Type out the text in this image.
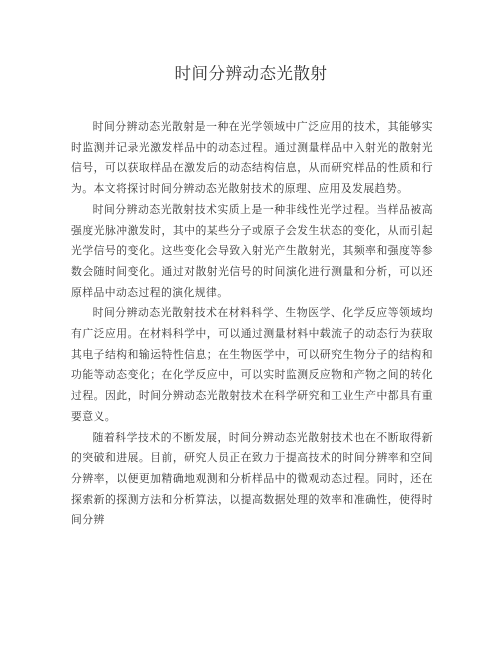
时间分辨动态光散射

时间分辨动态光散射是一种在光学领域中广泛应用的技术，其能够实时监测并记录光激发样品中的动态过程。通过测量样品中入射光的散射光信号，可以获取样品在激发后的动态结构信息，从而研究样品的性质和行为。本文将探讨时间分辨动态光散射技术的原理、应用及发展趋势。

时间分辨动态光散射技术实质上是一种非线性光学过程。当样品被高强度光脉冲激发时，其中的某些分子或原子会发生状态的变化，从而引起光学信号的变化。这些变化会导致入射光产生散射光，其频率和强度等参数会随时间变化。通过对散射光信号的时间演化进行测量和分析，可以还原样品中动态过程的演化规律。

时间分辨动态光散射技术在材料科学、生物医学、化学反应等领域均有广泛应用。在材料科学中，可以通过测量材料中载流子的动态行为获取其电子结构和输运特性信息；在生物医学中，可以研究生物分子的结构和功能等动态变化；在化学反应中，可以实时监测反应物和产物之间的转化过程。因此，时间分辨动态光散射技术在科学研究和工业生产中都具有重要意义。

随着科学技术的不断发展，时间分辨动态光散射技术也在不断取得新的突破和进展。目前，研究人员正在致力于提高技术的时间分辨率和空间分辨率，以便更加精确地观测和分析样品中的微观动态过程。同时，还在探索新的探测方法和分析算法，以提高数据处理的效率和准确性，使得时间分辨
